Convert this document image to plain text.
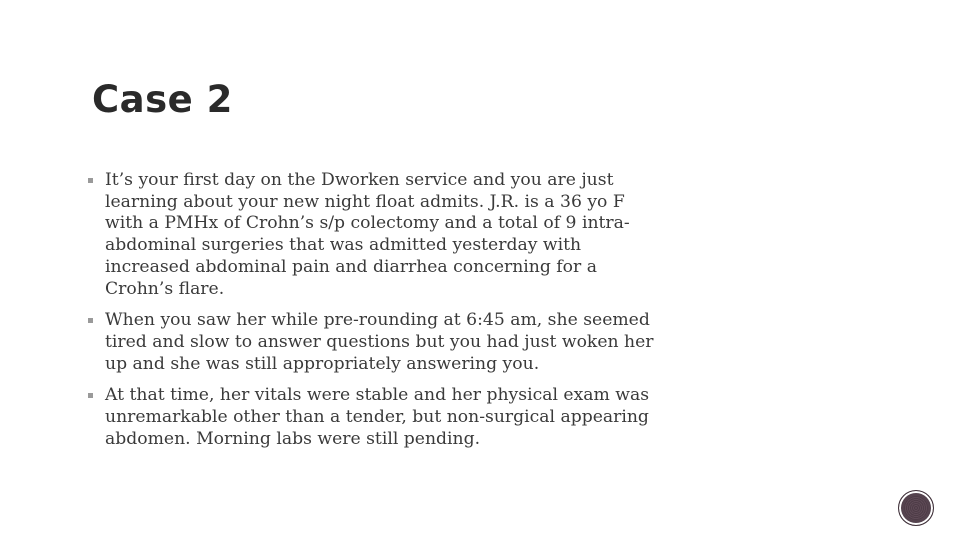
Case 2
It’s your first day on the Dworken service and you are just learning about your new night float admits. J.R. is a 36 yo F with a PMHx of Crohn’s s/p colectomy and a total of 9 intra-abdominal surgeries that was admitted yesterday with increased abdominal pain and diarrhea concerning for a Crohn’s flare.
When you saw her while pre-rounding at 6:45 am, she seemed tired and slow to answer questions but you had just woken her up and she was still appropriately answering you.
At that time, her vitals were stable and her physical exam was unremarkable other than a tender, but non-surgical appearing abdomen. Morning labs were still pending.
